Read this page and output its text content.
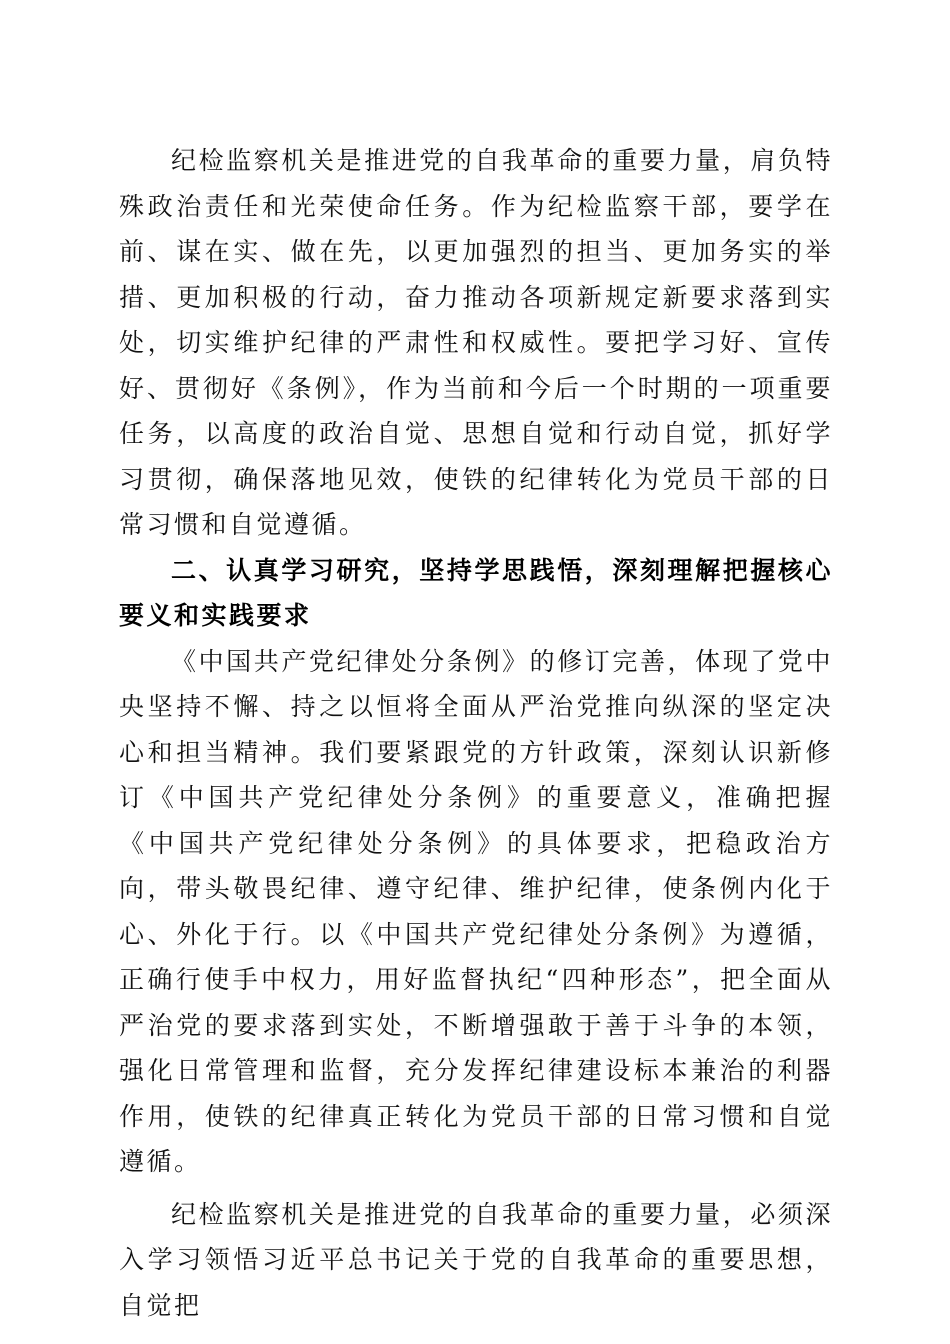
纪检监察机关是推进党的自我革命的重要力量，肩负特殊政治责任和光荣使命任务。作为纪检监察干部，要学在前、谋在实、做在先，以更加强烈的担当、更加务实的举措、更加积极的行动，奋力推动各项新规定新要求落到实处，切实维护纪律的严肃性和权威性。要把学习好、宣传好、贯彻好《条例》，作为当前和今后一个时期的一项重要任务，以高度的政治自觉、思想自觉和行动自觉，抓好学习贯彻，确保落地见效，使铁的纪律转化为党员干部的日常习惯和自觉遵循。

二、认真学习研究，坚持学思践悟，深刻理解把握核心要义和实践要求

《中国共产党纪律处分条例》的修订完善，体现了党中央坚持不懈、持之以恒将全面从严治党推向纵深的坚定决心和担当精神。我们要紧跟党的方针政策，深刻认识新修订《中国共产党纪律处分条例》的重要意义，准确把握《中国共产党纪律处分条例》的具体要求，把稳政治方向，带头敬畏纪律、遵守纪律、维护纪律，使条例内化于心、外化于行。以《中国共产党纪律处分条例》为遵循，正确行使手中权力，用好监督执纪“四种形态”，把全面从严治党的要求落到实处，不断增强敢于善于斗争的本领，强化日常管理和监督，充分发挥纪律建设标本兼治的利器作用，使铁的纪律真正转化为党员干部的日常习惯和自觉遵循。

纪检监察机关是推进党的自我革命的重要力量，必须深入学习领悟习近平总书记关于党的自我革命的重要思想，自觉把
